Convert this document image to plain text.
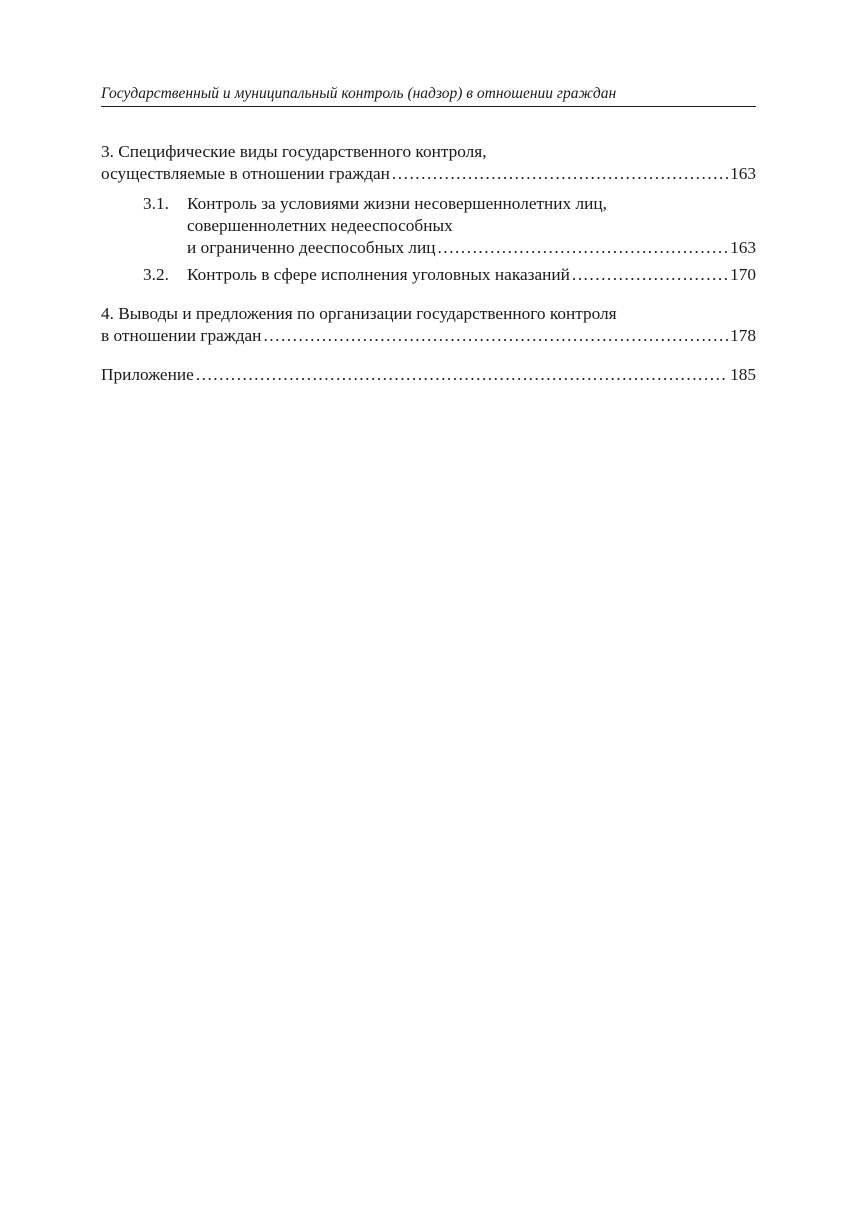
Государственный и муниципальный контроль (надзор) в отношении граждан
3. Специфические виды государственного контроля,
осуществляемые в отношении граждан . . .	163
3.1. Контроль за условиями жизни несовершеннолетних лиц,
совершеннолетних недееспособных
и ограниченно дееспособных лиц . . .	163
3.2. Контроль в сфере исполнения уголовных наказаний . . .	170
4. Выводы и предложения по организации государственного контроля
в отношении граждан . . .	178
Приложение . . .	185
